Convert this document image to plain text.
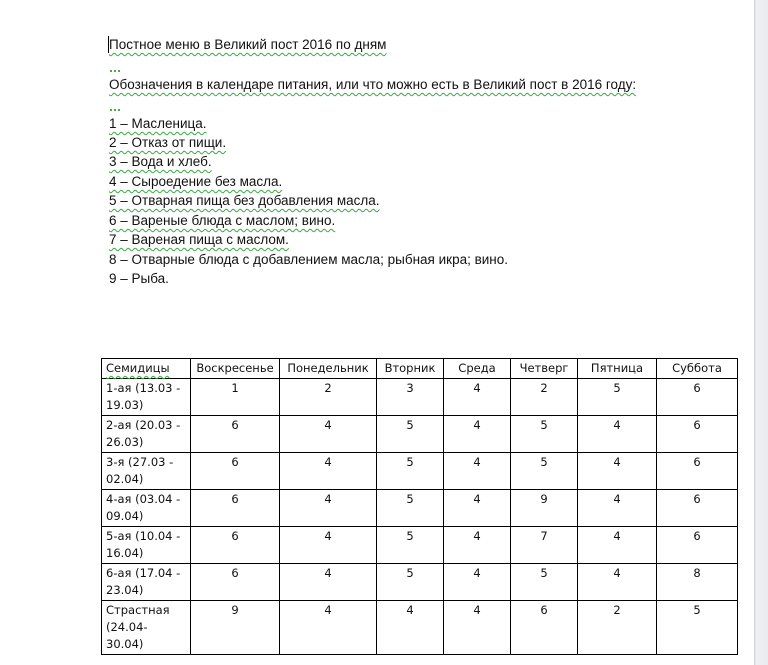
Постное меню в Великий пост 2016 по дням
Обозначения в календаре питания, или что можно есть в Великий пост в 2016 году:
1 – Масленица.
2 – Отказ от пищи.
3 – Вода и хлеб.
4 – Сыроедение без масла.
5 – Отварная пища без добавления масла.
6 – Вареные блюда с маслом; вино.
7 – Вареная пища с маслом.
8 – Отварные блюда с добавлением масла; рыбная икра; вино.
9 – Рыба.
Семидицы	Воскресенье	Понедельник	Вторник	Среда	Четверг	Пятница	Суббота
1-ая (13.03 - 19.03)	1	2	3	4	2	5	6
2-ая (20.03 - 26.03)	6	4	5	4	5	4	6
3-я (27.03 - 02.04)	6	4	5	4	5	4	6
4-ая (03.04 - 09.04)	6	4	5	4	9	4	6
5-ая (10.04 - 16.04)	6	4	5	4	7	4	6
6-ая (17.04 - 23.04)	6	4	5	4	5	4	8
Страстная (24.04- 30.04)	9	4	4	4	6	2	5
